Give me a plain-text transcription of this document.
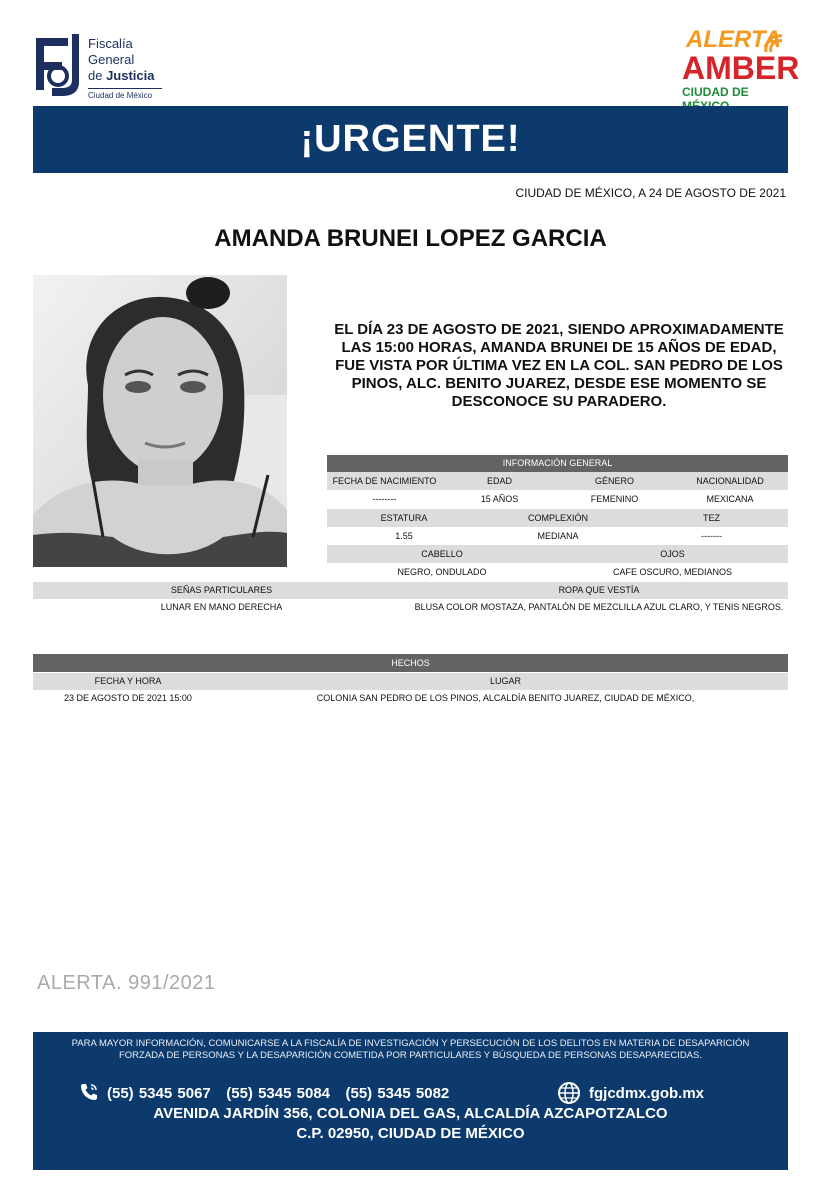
Fiscalía
General
de Justicia
Ciudad de México
ALERTA
AMBER
CIUDAD DE
¡URGENTE!
CIUDAD DE MÉXICO, A 24 DE AGOSTO DE 2021
AMANDA BRUNEI LOPEZ GARCIA
EL DÍA 23 DE AGOSTO DE 2021, SIENDO APROXIMADAMENTE LAS 15:00 HORAS, AMANDA BRUNEI DE 15 AÑOS DE EDAD, FUE VISTA POR ÚLTIMA VEZ EN LA COL. SAN PEDRO DE LOS PINOS, ALC. BENITO JUAREZ, DESDE ESE MOMENTO SE DESCONOCE SU PARADERO.
INFORMACIÓN GENERAL
FECHA DE NACIMIENTO	EDAD	GÉNERO	NACIONALIDAD
--------	15 AÑOS	FEMENINO	MEXICANA
ESTATURA	COMPLEXIÓN	TEZ
1.55	MEDIANA	-------
CABELLO	OJOS
NEGRO, ONDULADO	CAFE OSCURO, MEDIANOS
SEÑAS PARTICULARES	ROPA QUE VESTÍA
LUNAR EN MANO DERECHA	BLUSA COLOR MOSTAZA, PANTALÓN DE MEZCLILLA AZUL CLARO, Y TENIS NEGROS.
HECHOS
FECHA Y HORA	LUGAR
23 DE AGOSTO DE 2021 15:00	COLONIA SAN PEDRO DE LOS PINOS, ALCALDÍA BENITO JUAREZ, CIUDAD DE MÉXICO,
ALERTA. 991/2021
PARA MAYOR INFORMACIÓN, COMUNICARSE A LA FISCALÍA DE INVESTIGACIÓN Y PERSECUCIÓN DE LOS DELITOS EN MATERIA DE DESAPARICIÓN
FORZADA DE PERSONAS Y LA DESAPARICIÓN COMETIDA POR PARTICULARES Y BÚSQUEDA DE PERSONAS DESAPARECIDAS.
(55) 5345 5067   (55) 5345 5084   (55) 5345 5082	fgjcdmx.gob.mx
AVENIDA JARDÍN 356, COLONIA DEL GAS, ALCALDÍA AZCAPOTZALCO
C.P. 02950, CIUDAD DE MÉXICO
